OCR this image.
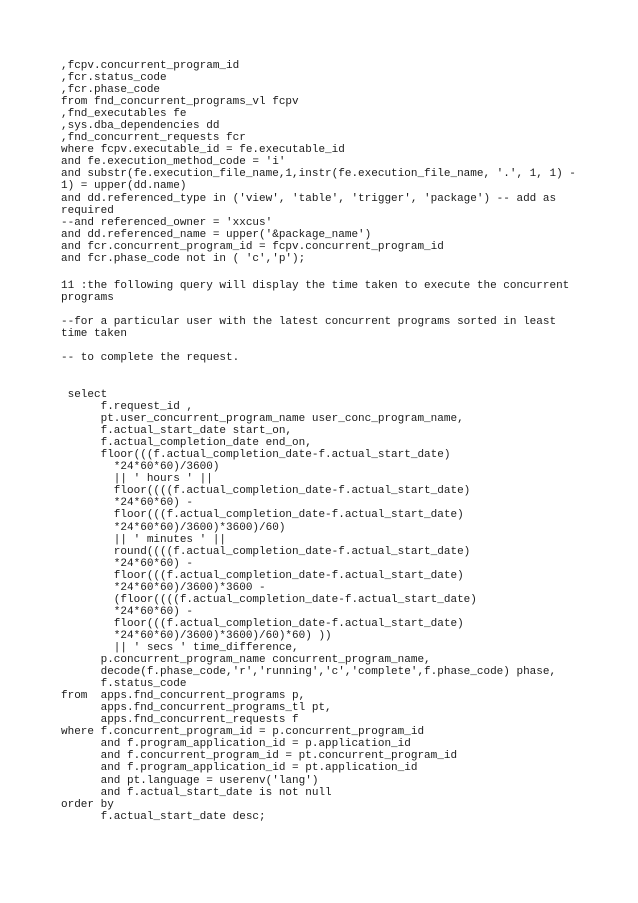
,fcpv.concurrent_program_id
,fcr.status_code
,fcr.phase_code
from fnd_concurrent_programs_vl fcpv
,fnd_executables fe
,sys.dba_dependencies dd
,fnd_concurrent_requests fcr
where fcpv.executable_id = fe.executable_id
and fe.execution_method_code = 'i'
and substr(fe.execution_file_name,1,instr(fe.execution_file_name, '.', 1, 1) -
1) = upper(dd.name)
and dd.referenced_type in ('view', 'table', 'trigger', 'package') -- add as
required
--and referenced_owner = 'xxcus'
and dd.referenced_name = upper('&package_name')
and fcr.concurrent_program_id = fcpv.concurrent_program_id
and fcr.phase_code not in ( 'c','p');
11 :the following query will display the time taken to execute the concurrent programs
--for a particular user with the latest concurrent programs sorted in least time taken
-- to complete the request.
select
f.request_id ,
pt.user_concurrent_program_name user_conc_program_name,
f.actual_start_date start_on,
f.actual_completion_date end_on,
floor(((f.actual_completion_date-f.actual_start_date)
*24*60*60)/3600)
|| ' hours ' ||
floor((((f.actual_completion_date-f.actual_start_date)
*24*60*60) -
floor(((f.actual_completion_date-f.actual_start_date)
*24*60*60)/3600)*3600)/60)
|| ' minutes ' ||
round((((f.actual_completion_date-f.actual_start_date)
*24*60*60) -
floor(((f.actual_completion_date-f.actual_start_date)
*24*60*60)/3600)*3600 -
(floor((((f.actual_completion_date-f.actual_start_date)
*24*60*60) -
floor(((f.actual_completion_date-f.actual_start_date)
*24*60*60)/3600)*3600)/60)*60) ))
|| ' secs ' time_difference,
p.concurrent_program_name concurrent_program_name,
decode(f.phase_code,'r','running','c','complete',f.phase_code) phase,
f.status_code
from  apps.fnd_concurrent_programs p,
apps.fnd_concurrent_programs_tl pt,
apps.fnd_concurrent_requests f
where f.concurrent_program_id = p.concurrent_program_id
and f.program_application_id = p.application_id
and f.concurrent_program_id = pt.concurrent_program_id
and f.program_application_id = pt.application_id
and pt.language = userenv('lang')
and f.actual_start_date is not null
order by
f.actual_start_date desc;
